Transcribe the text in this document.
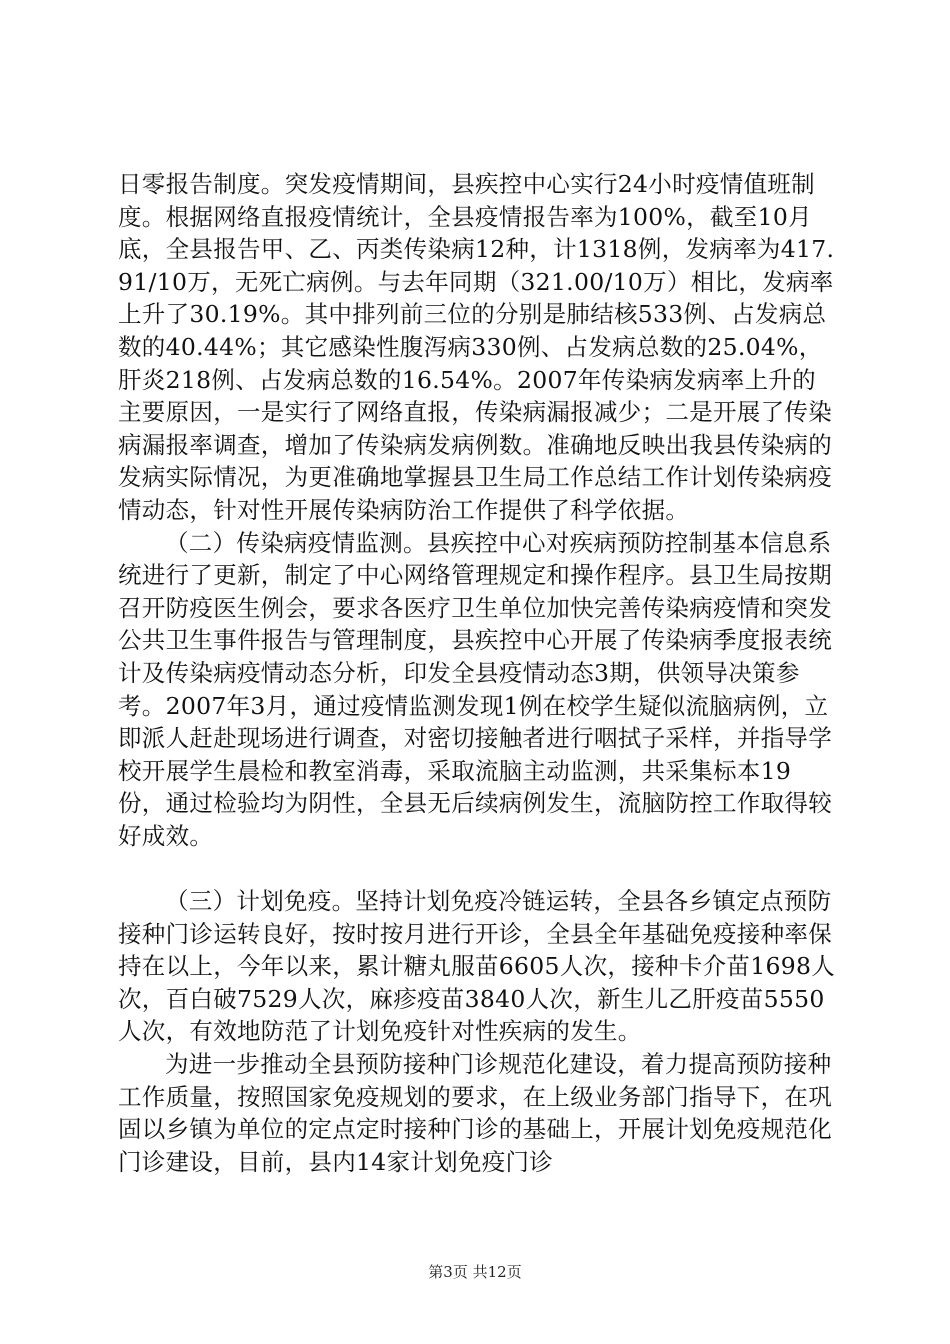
日零报告制度。突发疫情期间，县疾控中心实行24小时疫情值班制度。根据网络直报疫情统计，全县疫情报告率为100%，截至10月底，全县报告甲、乙、丙类传染病12种，计1318例，发病率为417.91/10万，无死亡病例。与去年同期（321.00/10万）相比，发病率上升了30.19%。其中排列前三位的分别是肺结核533例、占发病总数的40.44%；其它感染性腹泻病330例、占发病总数的25.04%，肝炎218例、占发病总数的16.54%。2007年传染病发病率上升的主要原因，一是实行了网络直报，传染病漏报减少；二是开展了传染病漏报率调查，增加了传染病发病例数。准确地反映出我县传染病的发病实际情况，为更准确地掌握县卫生局工作总结工作计划传染病疫情动态，针对性开展传染病防治工作提供了科学依据。

（二）传染病疫情监测。县疾控中心对疾病预防控制基本信息系统进行了更新，制定了中心网络管理规定和操作程序。县卫生局按期召开防疫医生例会，要求各医疗卫生单位加快完善传染病疫情和突发公共卫生事件报告与管理制度，县疾控中心开展了传染病季度报表统计及传染病疫情动态分析，印发全县疫情动态3期，供领导决策参考。2007年3月，通过疫情监测发现1例在校学生疑似流脑病例，立即派人赶赴现场进行调查，对密切接触者进行咽拭子采样，并指导学校开展学生晨检和教室消毒，采取流脑主动监测，共采集标本19份，通过检验均为阴性，全县无后续病例发生，流脑防控工作取得较好成效。

（三）计划免疫。坚持计划免疫冷链运转，全县各乡镇定点预防接种门诊运转良好，按时按月进行开诊，全县全年基础免疫接种率保持在以上，今年以来，累计糖丸服苗6605人次，接种卡介苗1698人次，百白破7529人次，麻疹疫苗3840人次，新生儿乙肝疫苗5550人次，有效地防范了计划免疫针对性疾病的发生。

为进一步推动全县预防接种门诊规范化建设，着力提高预防接种工作质量，按照国家免疫规划的要求，在上级业务部门指导下，在巩固以乡镇为单位的定点定时接种门诊的基础上，开展计划免疫规范化门诊建设，目前，县内14家计划免疫门诊

第3页 共12页
